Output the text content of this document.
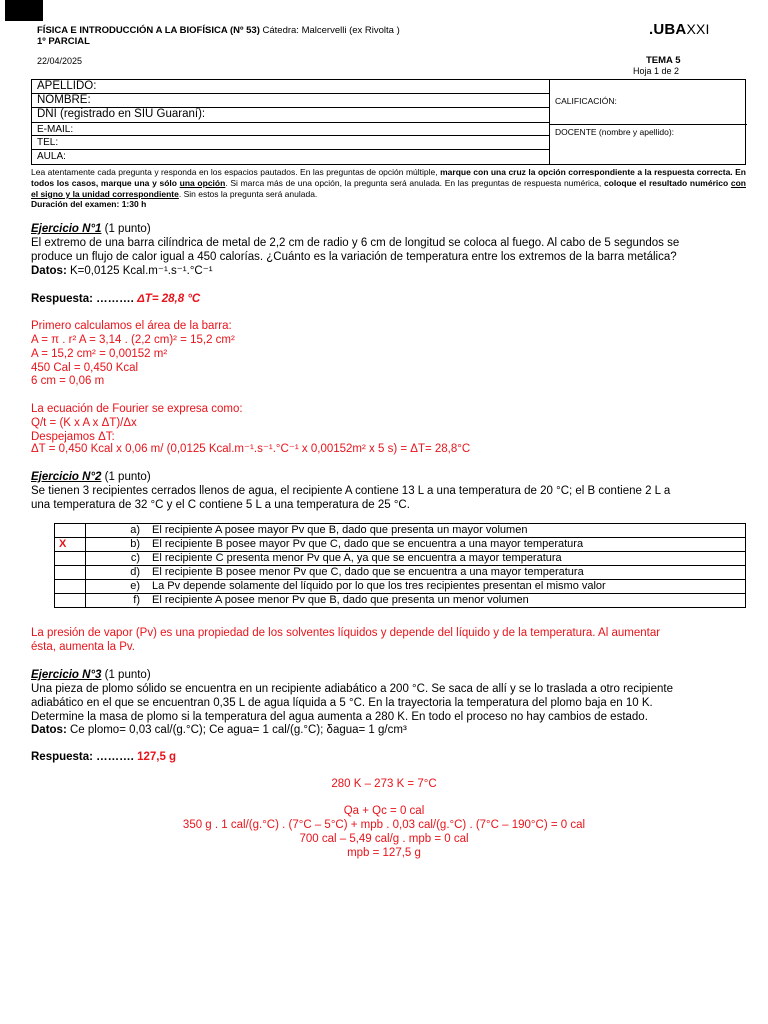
FÍSICA E INTRODUCCIÓN A LA BIOFÍSICA (Nº 53) Cátedra: Malcervelli (ex Rivolta )
1º PARCIAL
22/04/2025
.UBAXXI
TEMA 5
Hoja 1 de 2
APELLIDO:
NOMBRE:
DNI (registrado en SIU Guaraní):
E-MAIL:
TEL:
AULA:
CALIFICACIÓN:
DOCENTE (nombre y apellido):
Lea atentamente cada pregunta y responda en los espacios pautados. En las preguntas de opción múltiple, marque con una cruz la opción correspondiente a la respuesta correcta. En todos los casos, marque una y sólo una opción. Si marca más de una opción, la pregunta será anulada. En las preguntas de respuesta numérica, coloque el resultado numérico con el signo y la unidad correspondiente. Sin estos la pregunta será anulada.
Duración del examen: 1:30 h
Ejercicio N°1 (1 punto)
El extremo de una barra cilíndrica de metal de 2,2 cm de radio y 6 cm de longitud se coloca al fuego. Al cabo de 5 segundos se
produce un flujo de calor igual a 450 calorías. ¿Cuánto es la variación de temperatura entre los extremos de la barra metálica?
Datos: K=0,0125 Kcal.m⁻¹.s⁻¹.°C⁻¹
Respuesta: ………. ΔT= 28,8 °C
Primero calculamos el área de la barra:
A = π . r² A = 3,14 . (2,2 cm)² = 15,2 cm²
A = 15,2 cm² = 0,00152 m²
450 Cal = 0,450 Kcal
6 cm = 0,06 m
La ecuación de Fourier se expresa como:
Q/t = (K x A x ΔT)/Δx
Despejamos ΔT:
ΔT = 0,450 Kcal x 0,06 m/ (0,0125 Kcal.m⁻¹.s⁻¹.°C⁻¹ x 0,00152m² x 5 s) = ΔT= 28,8°C
Ejercicio N°2 (1 punto)
Se tienen 3 recipientes cerrados llenos de agua, el recipiente A contiene 13 L a una temperatura de 20 °C; el B contiene 2 L a
una temperatura de 32 °C y el C contiene 5 L a una temperatura de 25 °C.
	a)	El recipiente A posee mayor Pv que B, dado que presenta un mayor volumen
X	b)	El recipiente B posee mayor Pv que C, dado que se encuentra a una mayor temperatura
	c)	El recipiente C presenta menor Pv que A, ya que se encuentra a mayor temperatura
	d)	El recipiente B posee menor Pv que C, dado que se encuentra a una mayor temperatura
	e)	La Pv depende solamente del líquido por lo que los tres recipientes presentan el mismo valor
	f)	El recipiente A posee menor Pv que B, dado que presenta un menor volumen
La presión de vapor (Pv) es una propiedad de los solventes líquidos y depende del líquido y de la temperatura. Al aumentar
ésta, aumenta la Pv.
Ejercicio N°3 (1 punto)
Una pieza de plomo sólido se encuentra en un recipiente adiabático a 200 °C. Se saca de allí y se lo traslada a otro recipiente
adiabático en el que se encuentran 0,35 L de agua líquida a 5 °C. En la trayectoria la temperatura del plomo baja en 10 K.
Determine la masa de plomo si la temperatura del agua aumenta a 280 K. En todo el proceso no hay cambios de estado.
Datos: Ce plomo= 0,03 cal/(g.°C); Ce agua= 1 cal/(g.°C); δagua= 1 g/cm³
Respuesta: ………. 127,5 g
280 K – 273 K = 7°C
Qa + Qc = 0 cal
350 g . 1 cal/(g.°C) . (7°C – 5°C) + mpb . 0,03 cal/(g.°C) . (7°C – 190°C) = 0 cal
700 cal – 5,49 cal/g . mpb = 0 cal
mpb = 127,5 g
